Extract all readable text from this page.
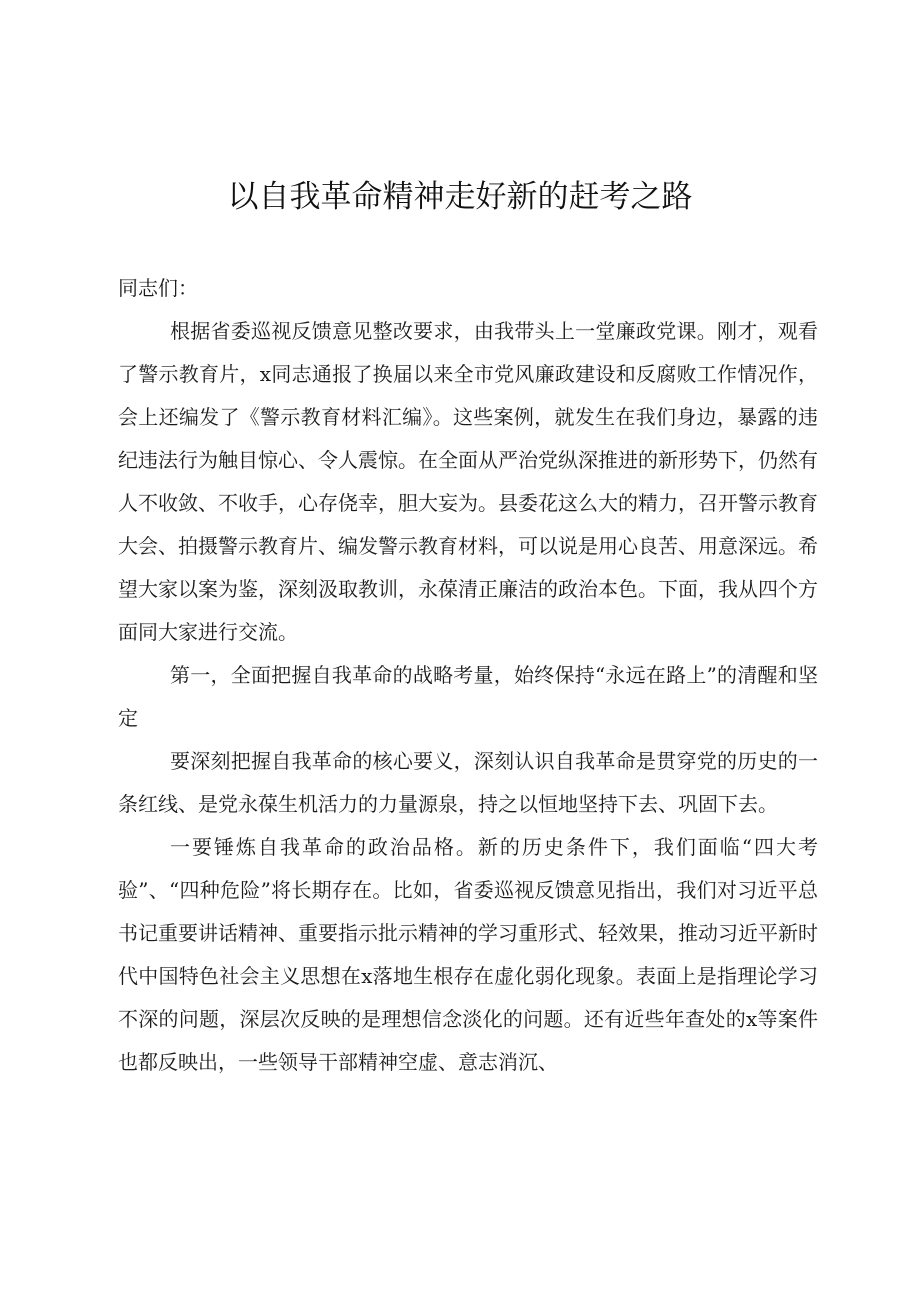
以自我革命精神走好新的赶考之路

同志们：

根据省委巡视反馈意见整改要求，由我带头上一堂廉政党课。刚才，观看了警示教育片，x同志通报了换届以来全市党风廉政建设和反腐败工作情况作，会上还编发了《警示教育材料汇编》。这些案例，就发生在我们身边，暴露的违纪违法行为触目惊心、令人震惊。在全面从严治党纵深推进的新形势下，仍然有人不收敛、不收手，心存侥幸，胆大妄为。县委花这么大的精力，召开警示教育大会、拍摄警示教育片、编发警示教育材料，可以说是用心良苦、用意深远。希望大家以案为鉴，深刻汲取教训，永葆清正廉洁的政治本色。下面，我从四个方面同大家进行交流。

第一，全面把握自我革命的战略考量，始终保持“永远在路上”的清醒和坚定

要深刻把握自我革命的核心要义，深刻认识自我革命是贯穿党的历史的一条红线、是党永葆生机活力的力量源泉，持之以恒地坚持下去、巩固下去。

一要锤炼自我革命的政治品格。新的历史条件下，我们面临“四大考验”、“四种危险”将长期存在。比如，省委巡视反馈意见指出，我们对习近平总书记重要讲话精神、重要指示批示精神的学习重形式、轻效果，推动习近平新时代中国特色社会主义思想在x落地生根存在虚化弱化现象。表面上是指理论学习不深的问题，深层次反映的是理想信念淡化的问题。还有近些年查处的x等案件也都反映出，一些领导干部精神空虚、意志消沉、
